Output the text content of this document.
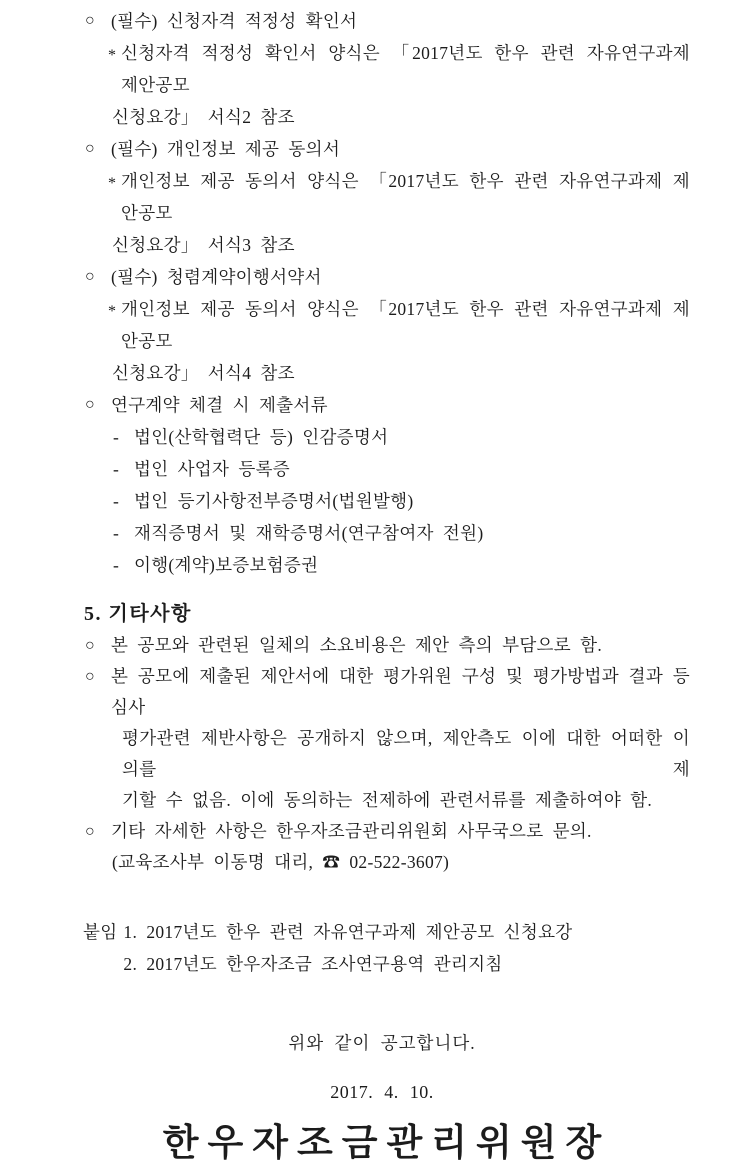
○ (필수) 신청자격 적정성 확인서
* 신청자격 적정성 확인서 양식은 「2017년도 한우 관련 자유연구과제 제안공모
신청요강」 서식2 참조
○ (필수) 개인정보 제공 동의서
* 개인정보 제공 동의서 양식은 「2017년도 한우 관련 자유연구과제 제안공모
신청요강」 서식3 참조
○ (필수) 청렴계약이행서약서
* 개인정보 제공 동의서 양식은 「2017년도 한우 관련 자유연구과제 제안공모
신청요강」 서식4 참조
○ 연구계약 체결 시 제출서류
- 법인(산학협력단 등) 인감증명서
- 법인 사업자 등록증
- 법인 등기사항전부증명서(법원발행)
- 재직증명서 및 재학증명서(연구참여자 전원)
- 이행(계약)보증보험증권
5. 기타사항
○ 본 공모와 관련된 일체의 소요비용은 제안 측의 부담으로 함.
○ 본 공모에 제출된 제안서에 대한 평가위원 구성 및 평가방법과 결과 등 심사
평가관련 제반사항은 공개하지 않으며, 제안측도 이에 대한 어떠한 이의를 제
기할 수 없음. 이에 동의하는 전제하에 관련서류를 제출하여야 함.
○ 기타 자세한 사항은 한우자조금관리위원회 사무국으로 문의.
(교육조사부 이동명 대리, ☎ 02-522-3607)
붙임 1. 2017년도 한우 관련 자유연구과제 제안공모 신청요강
2. 2017년도 한우자조금 조사연구용역 관리지침
위와 같이 공고합니다.
2017. 4. 10.
한우자조금관리위원장
